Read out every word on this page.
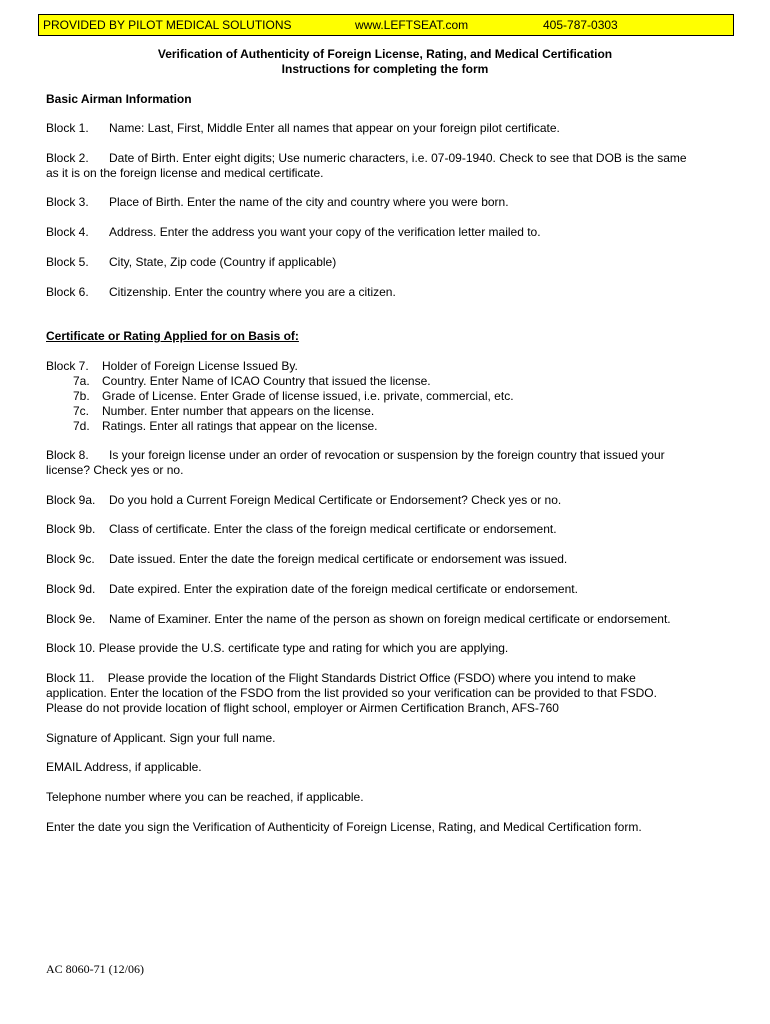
PROVIDED BY PILOT MEDICAL SOLUTIONS	www.LEFTSEAT.com	405-787-0303
Verification of Authenticity of Foreign License, Rating, and Medical Certification
Instructions for completing the form
Basic Airman Information
Block 1. Name: Last, First, Middle Enter all names that appear on your foreign pilot certificate.
Block 2. Date of Birth. Enter eight digits; Use numeric characters, i.e. 07-09-1940. Check to see that DOB is the same
as it is on the foreign license and medical certificate.
Block 3. Place of Birth. Enter the name of the city and country where you were born.
Block 4. Address. Enter the address you want your copy of the verification letter mailed to.
Block 5. City, State, Zip code (Country if applicable)
Block 6. Citizenship. Enter the country where you are a citizen.
Certificate or Rating Applied for on Basis of:
Block 7. Holder of Foreign License Issued By.
7a. Country. Enter Name of ICAO Country that issued the license.
7b. Grade of License. Enter Grade of license issued, i.e. private, commercial, etc.
7c. Number. Enter number that appears on the license.
7d. Ratings. Enter all ratings that appear on the license.
Block 8. Is your foreign license under an order of revocation or suspension by the foreign country that issued your
license? Check yes or no.
Block 9a. Do you hold a Current Foreign Medical Certificate or Endorsement? Check yes or no.
Block 9b. Class of certificate. Enter the class of the foreign medical certificate or endorsement.
Block 9c. Date issued. Enter the date the foreign medical certificate or endorsement was issued.
Block 9d. Date expired. Enter the expiration date of the foreign medical certificate or endorsement.
Block 9e. Name of Examiner. Enter the name of the person as shown on foreign medical certificate or endorsement.
Block 10. Please provide the U.S. certificate type and rating for which you are applying.
Block 11.    Please provide the location of the Flight Standards District Office (FSDO) where you intend to make
application. Enter the location of the FSDO from the list provided so your verification can be provided to that FSDO.
Please do not provide location of flight school, employer or Airmen Certification Branch, AFS-760
Signature of Applicant. Sign your full name.
EMAIL Address, if applicable.
Telephone number where you can be reached, if applicable.
Enter the date you sign the Verification of Authenticity of Foreign License, Rating, and Medical Certification form.
AC 8060-71 (12/06)
